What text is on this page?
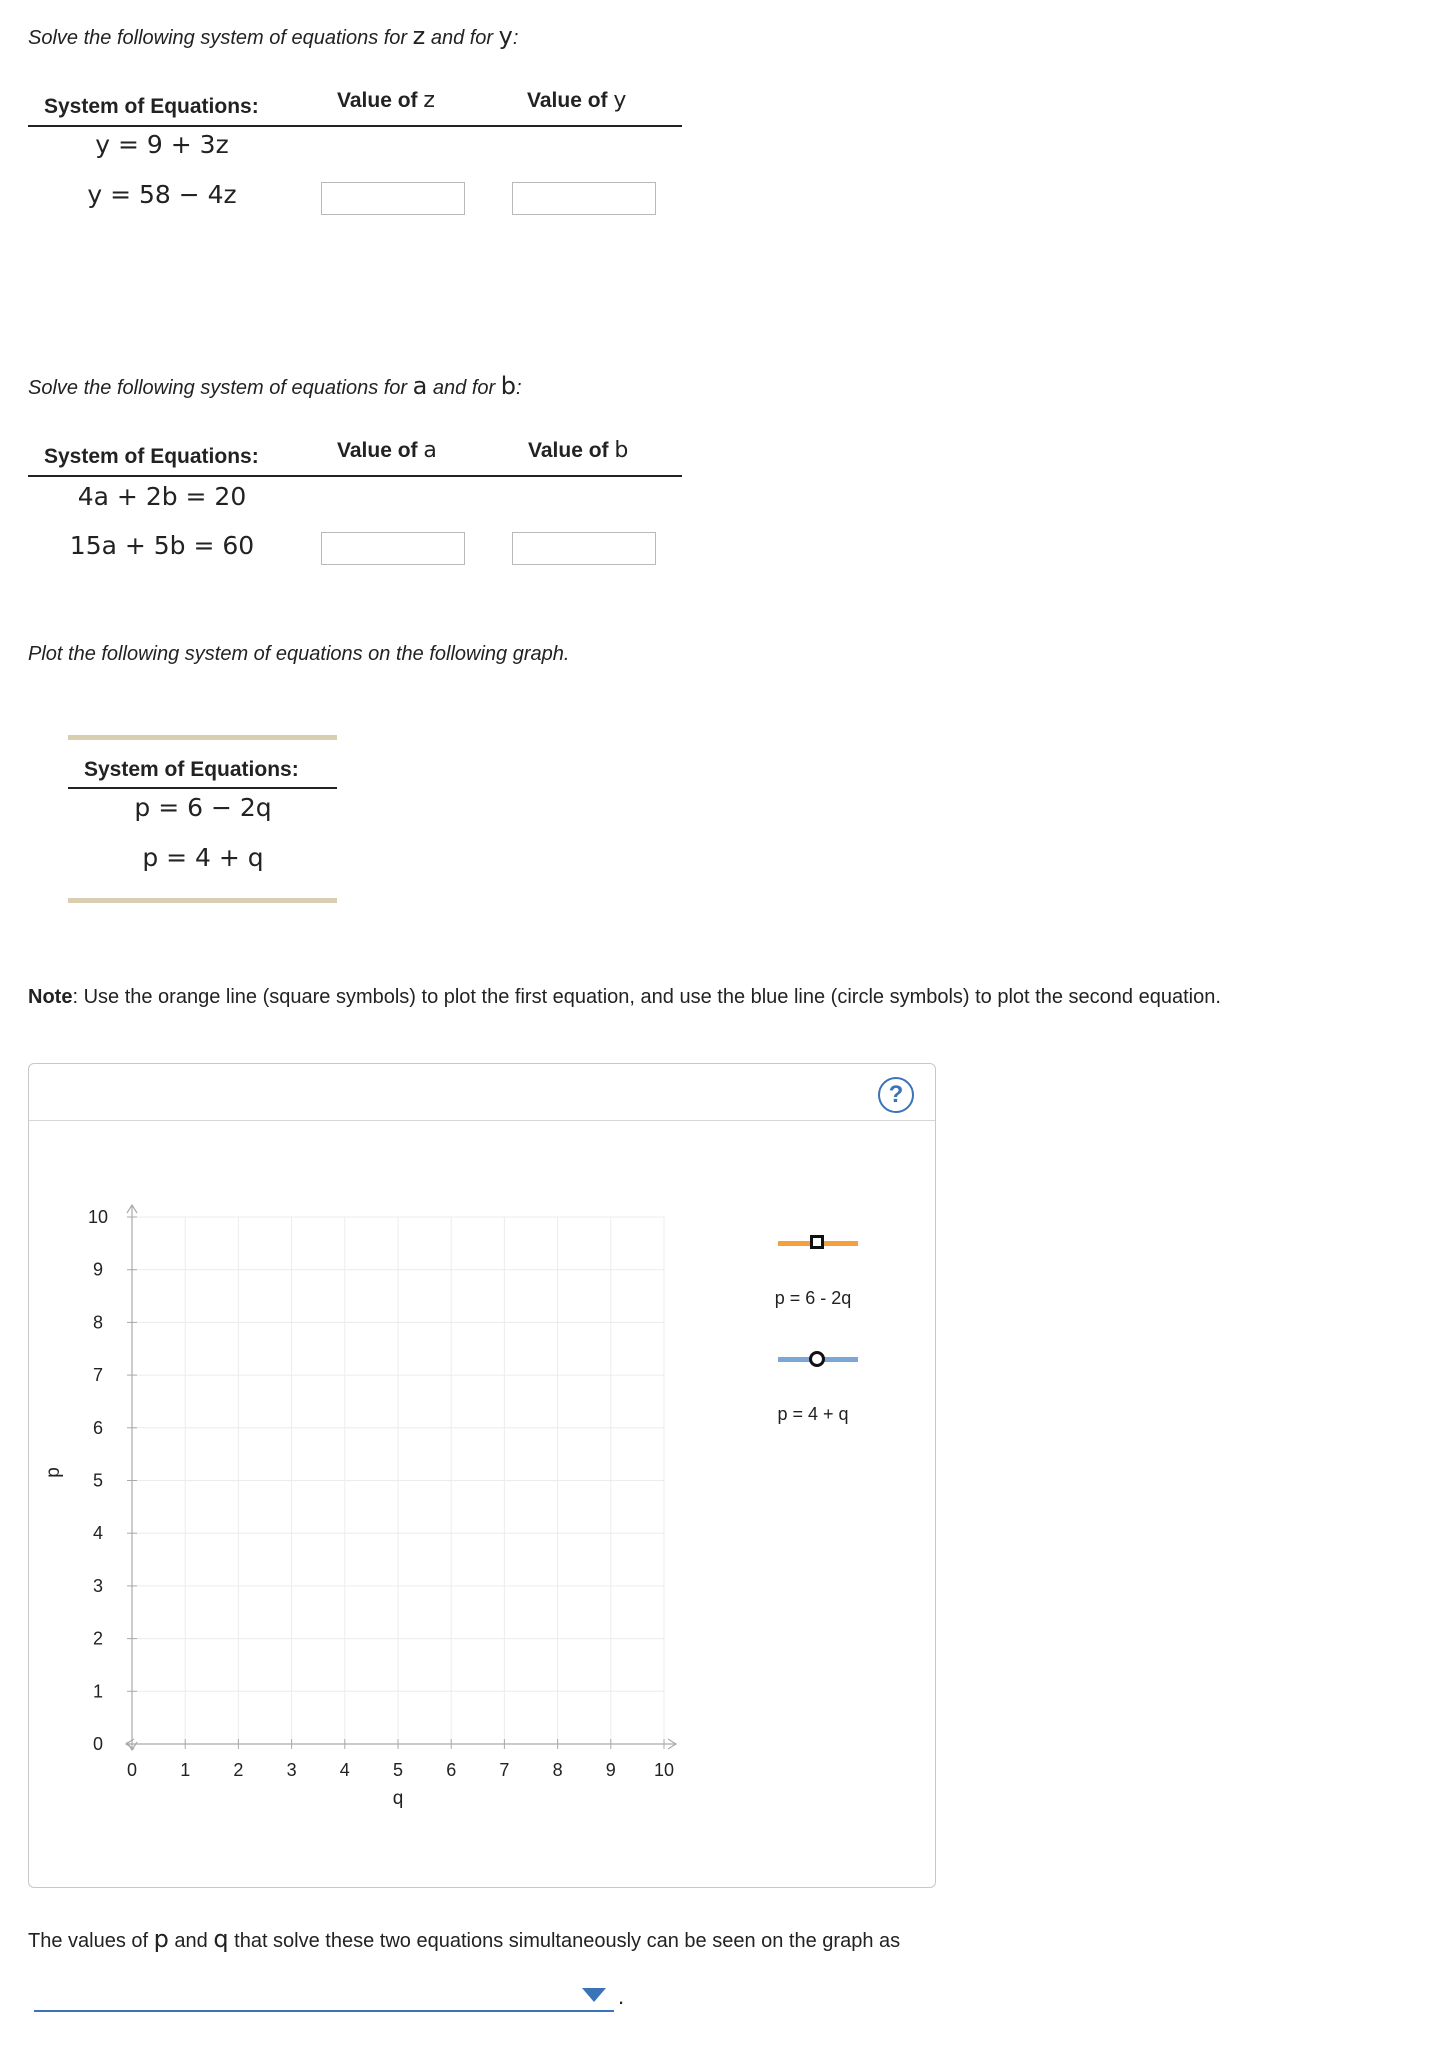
Solve the following system of equations for z and for y:
System of Equations:	Value of z	Value of y
y = 9 + 3z
y = 58 − 4z
Solve the following system of equations for a and for b:
System of Equations:	Value of a	Value of b
4a + 2b = 20
15a + 5b = 60
Plot the following system of equations on the following graph.
System of Equations:
p = 6 − 2q
p = 4 + q
Note: Use the orange line (square symbols) to plot the first equation, and use the blue line (circle symbols) to plot the second equation.
?
0 1 2 3 4 5 6 7 8 9 10
0
1
2
3
4
5
6
7
8
9
10
q
p
p = 6 - 2q
p = 4 + q
The values of p and q that solve these two equations simultaneously can be seen on the graph as
.
